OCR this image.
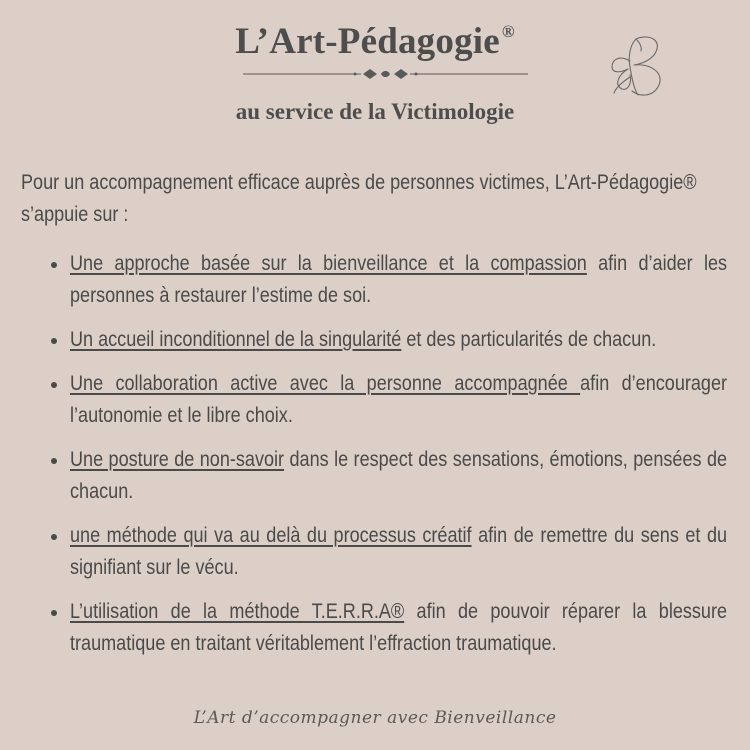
L’Art-Pédagogie ®
au service de la Victimologie
Pour un accompagnement efficace auprès de personnes victimes, L’Art-Pédagogie® s’appuie sur :
Une approche basée sur la bienveillance et la compassion afin d’aider les personnes à restaurer l’estime de soi.
Un accueil inconditionnel de la singularité et des particularités de chacun.
Une collaboration active avec la personne accompagnée afin d’encourager l’autonomie et le libre choix.
Une posture de non-savoir dans le respect des sensations, émotions, pensées de chacun.
une méthode qui va au delà du processus créatif afin de remettre du sens et du signifiant sur le vécu.
L’utilisation de la méthode T.E.R.R.A® afin de pouvoir réparer la blessure traumatique en traitant véritablement l’effraction traumatique.
L’Art d’accompagner avec Bienveillance
